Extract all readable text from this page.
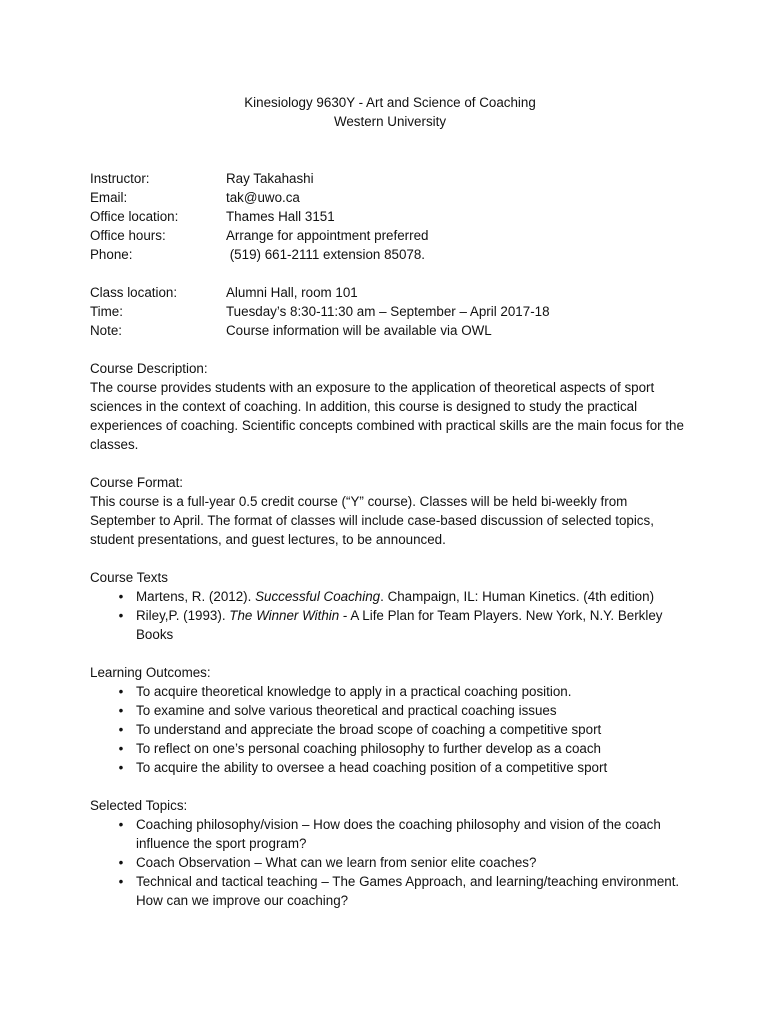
Kinesiology 9630Y - Art and Science of Coaching
Western University
Instructor:	Ray Takahashi
Email:	tak@uwo.ca
Office location:	Thames Hall 3151
Office hours:	Arrange for appointment preferred
Phone:	(519) 661-2111 extension 85078.
Class location:	Alumni Hall, room 101
Time:	Tuesday’s 8:30-11:30 am – September – April 2017-18
Note:	Course information will be available via OWL
Course Description:

The course provides students with an exposure to the application of theoretical aspects of sport sciences in the context of coaching. In addition, this course is designed to study the practical experiences of coaching. Scientific concepts combined with practical skills are the main focus for the classes.

Course Format:

This course is a full-year 0.5 credit course (“Y” course). Classes will be held bi-weekly from September to April. The format of classes will include case-based discussion of selected topics, student presentations, and guest lectures, to be announced.

Course Texts
• Martens, R. (2012). Successful Coaching. Champaign, IL: Human Kinetics. (4th edition)
• Riley,P. (1993). The Winner Within - A Life Plan for Team Players. New York, N.Y. Berkley Books
Learning Outcomes:
• To acquire theoretical knowledge to apply in a practical coaching position.
• To examine and solve various theoretical and practical coaching issues
• To understand and appreciate the broad scope of coaching a competitive sport
• To reflect on one’s personal coaching philosophy to further develop as a coach
• To acquire the ability to oversee a head coaching position of a competitive sport
Selected Topics:
• Coaching philosophy/vision – How does the coaching philosophy and vision of the coach influence the sport program?
• Coach Observation – What can we learn from senior elite coaches?
• Technical and tactical teaching – The Games Approach, and learning/teaching environment. How can we improve our coaching?
